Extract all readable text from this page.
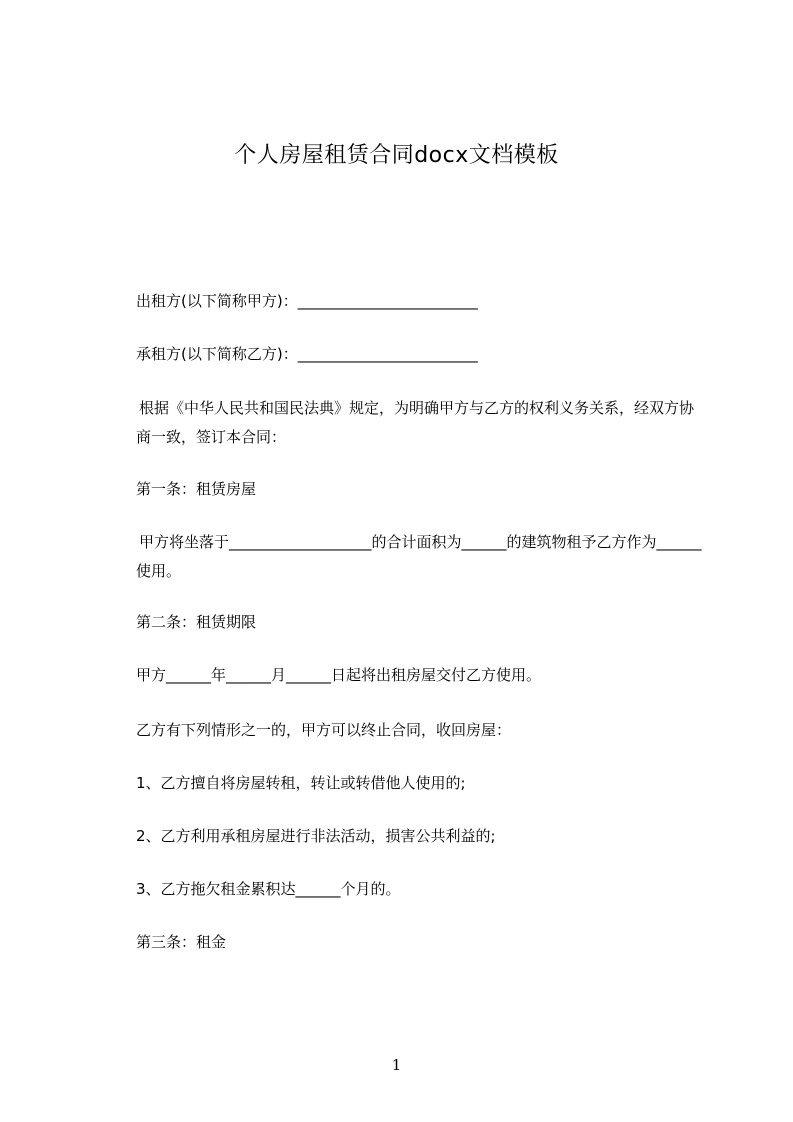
个人房屋租赁合同docx文档模板
出租方(以下简称甲方)：________________________
承租方(以下简称乙方)：________________________
根据《中华人民共和国民法典》规定，为明确甲方与乙方的权利义务关系，经双方协商一致，签订本合同：
第一条：租赁房屋
甲方将坐落于___________________的合计面积为______的建筑物租予乙方作为______使用。
第二条：租赁期限
甲方______年______月______日起将出租房屋交付乙方使用。
乙方有下列情形之一的，甲方可以终止合同，收回房屋：
1、乙方擅自将房屋转租，转让或转借他人使用的;
2、乙方利用承租房屋进行非法活动，损害公共利益的;
3、乙方拖欠租金累积达______个月的。
第三条：租金
1
